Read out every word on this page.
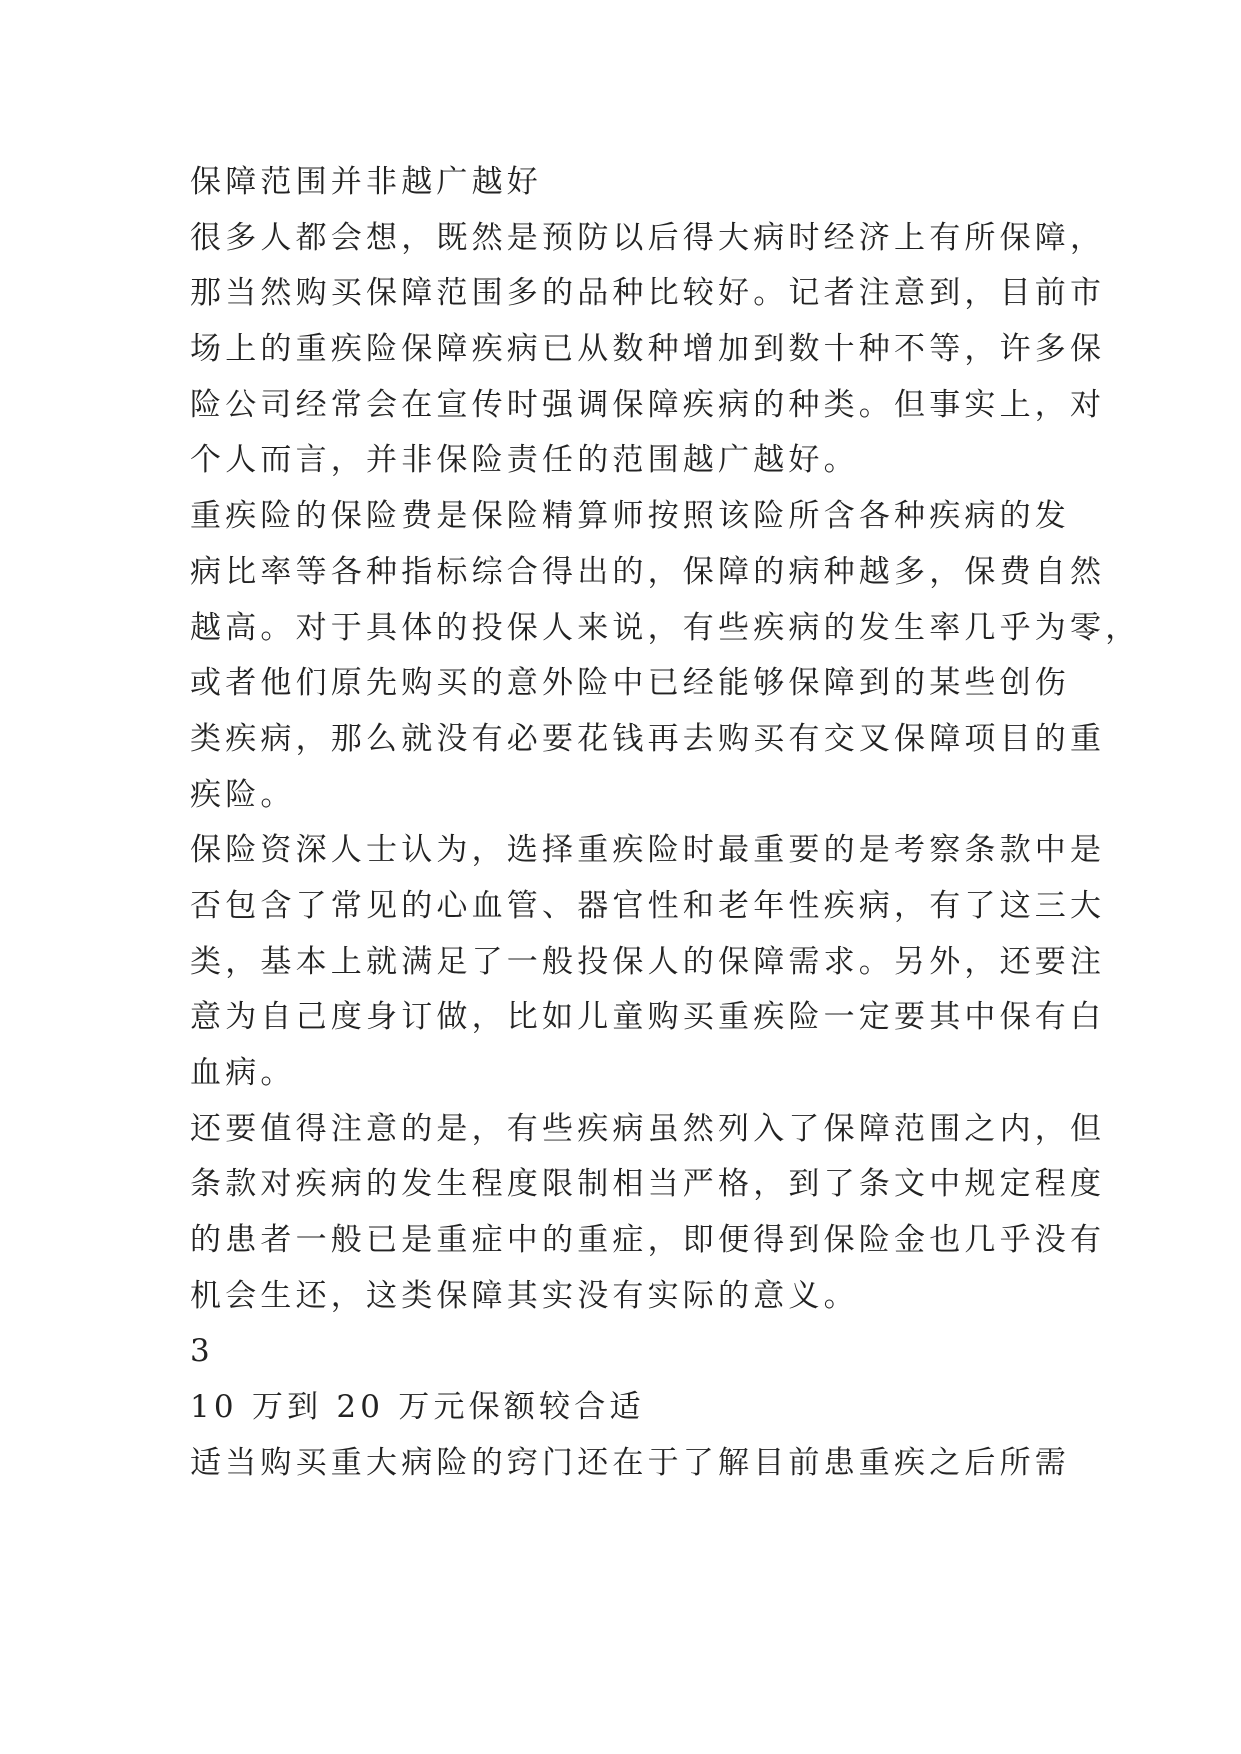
保障范围并非越广越好
很多人都会想，既然是预防以后得大病时经济上有所保障，
那当然购买保障范围多的品种比较好。记者注意到，目前市
场上的重疾险保障疾病已从数种增加到数十种不等，许多保
险公司经常会在宣传时强调保障疾病的种类。但事实上，对
个人而言，并非保险责任的范围越广越好。
重疾险的保险费是保险精算师按照该险所含各种疾病的发
病比率等各种指标综合得出的，保障的病种越多，保费自然
越高。对于具体的投保人来说，有些疾病的发生率几乎为零，
或者他们原先购买的意外险中已经能够保障到的某些创伤
类疾病，那么就没有必要花钱再去购买有交叉保障项目的重
疾险。
保险资深人士认为，选择重疾险时最重要的是考察条款中是
否包含了常见的心血管、器官性和老年性疾病，有了这三大
类，基本上就满足了一般投保人的保障需求。另外，还要注
意为自己度身订做，比如儿童购买重疾险一定要其中保有白
血病。
还要值得注意的是，有些疾病虽然列入了保障范围之内，但
条款对疾病的发生程度限制相当严格，到了条文中规定程度
的患者一般已是重症中的重症，即便得到保险金也几乎没有
机会生还，这类保障其实没有实际的意义。
3
10 万到 20 万元保额较合适
适当购买重大病险的窍门还在于了解目前患重疾之后所需
